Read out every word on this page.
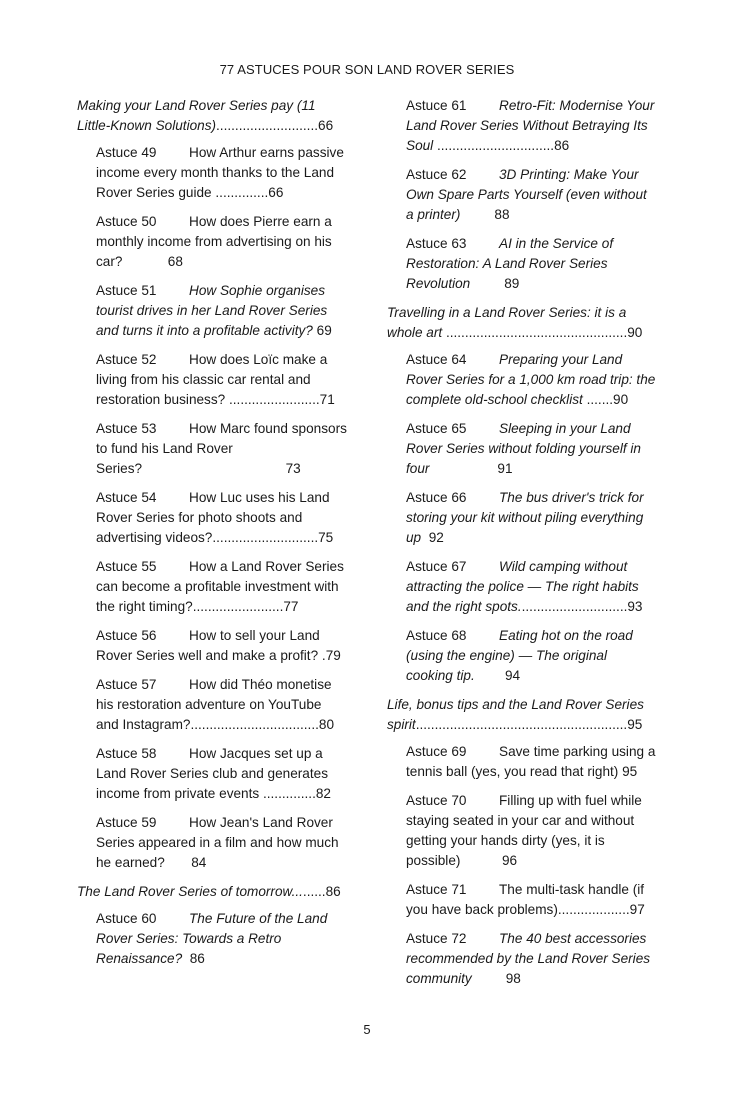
77 ASTUCES POUR SON LAND ROVER SERIES
Making your Land Rover Series pay (11 Little-Known Solutions)...........................66
Astuce 49 How Arthur earns passive income every month thanks to the Land Rover Series guide ..............66
Astuce 50 How does Pierre earn a monthly income from advertising on his car?	68
Astuce 51 How Sophie organises tourist drives in her Land Rover Series and turns it into a profitable activity? 69
Astuce 52 How does Loïc make a living from his classic car rental and restoration business? ........................71
Astuce 53 How Marc found sponsors to fund his Land Rover Series?	73
Astuce 54 How Luc uses his Land Rover Series for photo shoots and advertising videos?............................75
Astuce 55 How a Land Rover Series can become a profitable investment with the right timing?........................77
Astuce 56 How to sell your Land Rover Series well and make a profit? .79
Astuce 57 How did Théo monetise his restoration adventure on YouTube and Instagram?..................................80
Astuce 58 How Jacques set up a Land Rover Series club and generates income from private events ..............82
Astuce 59 How Jean's Land Rover Series appeared in a film and how much he earned? 84
The Land Rover Series of tomorrow.........86
Astuce 60 The Future of the Land Rover Series: Towards a Retro Renaissance? 86
Astuce 61 Retro-Fit: Modernise Your Land Rover Series Without Betraying Its Soul ...............................86
Astuce 62 3D Printing: Make Your Own Spare Parts Yourself (even without a printer)	88
Astuce 63 AI in the Service of Restoration: A Land Rover Series Revolution	89
Travelling in a Land Rover Series: it is a whole art ................................................90
Astuce 64 Preparing your Land Rover Series for a 1,000 km road trip: the complete old-school checklist .......90
Astuce 65 Sleeping in your Land Rover Series without folding yourself in four	91
Astuce 66 The bus driver's trick for storing your kit without piling everything up 92
Astuce 67 Wild camping without attracting the police — The right habits and the right spots.............................93
Astuce 68 Eating hot on the road (using the engine) — The original cooking tip. 94
Life, bonus tips and the Land Rover Series spirit........................................................95
Astuce 69 Save time parking using a tennis ball (yes, you read that right) 95
Astuce 70 Filling up with fuel while staying seated in your car and without getting your hands dirty (yes, it is possible)	96
Astuce 71 The multi-task handle (if you have back problems)...................97
Astuce 72 The 40 best accessories recommended by the Land Rover Series community	98
5
